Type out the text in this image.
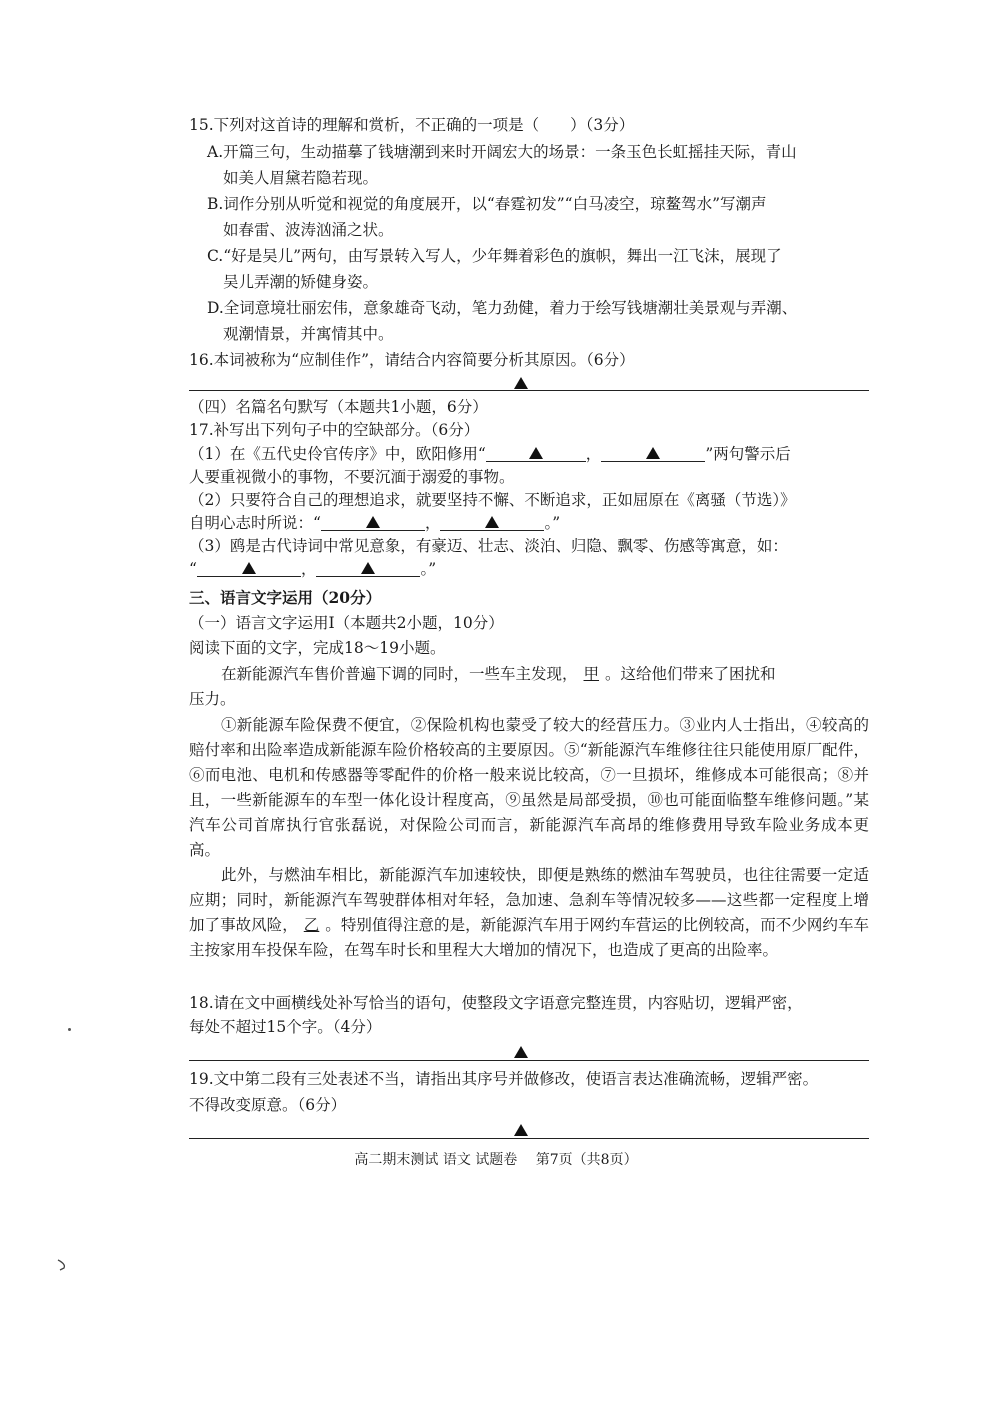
15.下列对这首诗的理解和赏析，不正确的一项是（　　）（3分）
A.开篇三句，生动描摹了钱塘潮到来时开阔宏大的场景：一条玉色长虹摇挂天际，青山
如美人眉黛若隐若现。
B.词作分别从听觉和视觉的角度展开，以“春霆初发”“白马凌空，琼鳌驾水”写潮声
如春雷、波涛汹涌之状。
C.“好是吴儿”两句，由写景转入写人，少年舞着彩色的旗帜，舞出一江飞沫，展现了
吴儿弄潮的矫健身姿。
D.全词意境壮丽宏伟，意象雄奇飞动，笔力劲健，着力于绘写钱塘潮壮美景观与弄潮、
观潮情景，并寓情其中。
16.本词被称为“应制佳作”，请结合内容简要分析其原因。（6分）
（四）名篇名句默写（本题共1小题，6分）
17.补写出下列句子中的空缺部分。（6分）
（1）在《五代史伶官传序》中，欧阳修用“	，	”两句警示后
人要重视微小的事物，不要沉湎于溺爱的事物。
（2）只要符合自己的理想追求，就要坚持不懈、不断追求，正如屈原在《离骚（节选）》
自明心志时所说：“	，	。”
（3）鸥是古代诗词中常见意象，有豪迈、壮志、淡泊、归隐、飘零、伤感等寓意，如：
“	，	。”
三、语言文字运用（20分）
（一）语言文字运用Ⅰ（本题共2小题，10分）
阅读下面的文字，完成18～19小题。
在新能源汽车售价普遍下调的同时，一些车主发现， 甲 。这给他们带来了困扰和
压力。
①新能源车险保费不便宜，②保险机构也蒙受了较大的经营压力。③业内人士指出，④较高的赔付率和出险率造成新能源车险价格较高的主要原因。⑤“新能源汽车维修往往只能使用原厂配件，⑥而电池、电机和传感器等零配件的价格一般来说比较高，⑦一旦损坏，维修成本可能很高；⑧并且，一些新能源车的车型一体化设计程度高，⑨虽然是局部受损，⑩也可能面临整车维修问题。”某汽车公司首席执行官张磊说，对保险公司而言，新能源汽车高昂的维修费用导致车险业务成本更高。
此外，与燃油车相比，新能源汽车加速较快，即便是熟练的燃油车驾驶员，也往往需要一定适应期；同时，新能源汽车驾驶群体相对年轻，急加速、急刹车等情况较多——这些都一定程度上增加了事故风险， 乙 。特别值得注意的是，新能源汽车用于网约车营运的比例较高，而不少网约车车主按家用车投保车险，在驾车时长和里程大大增加的情况下，也造成了更高的出险率。
18.请在文中画横线处补写恰当的语句，使整段文字语意完整连贯，内容贴切，逻辑严密，
每处不超过15个字。（4分）
19.文中第二段有三处表述不当，请指出其序号并做修改，使语言表达准确流畅，逻辑严密。
不得改变原意。（6分）
高二期末测试 语文 试题卷　 第7页（共8页）
